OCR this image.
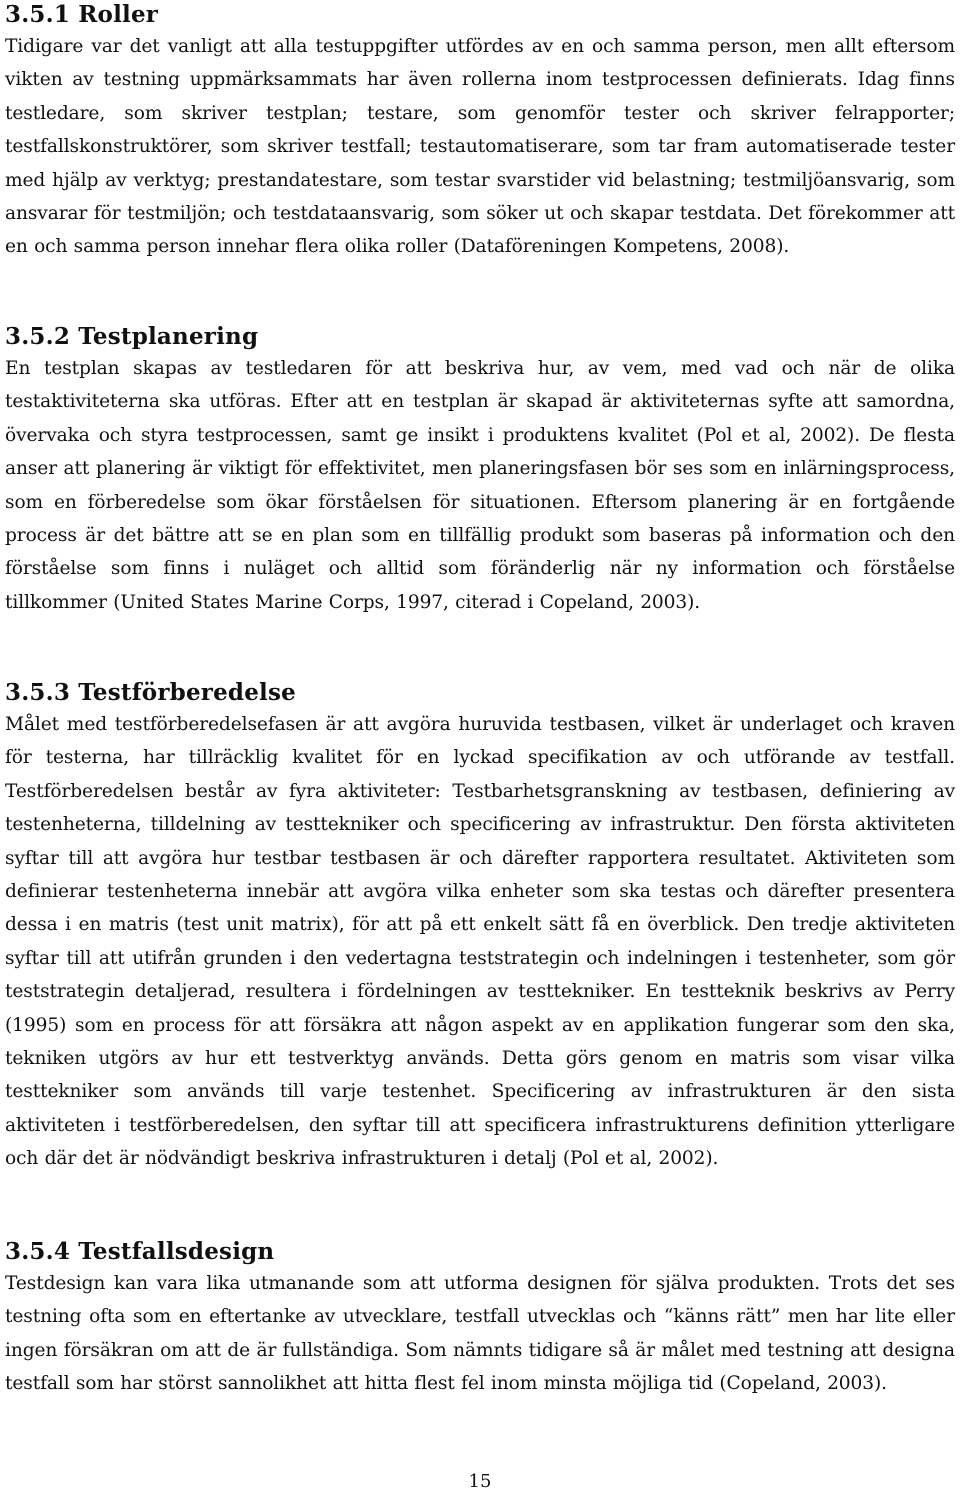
3.5.1 Roller

Tidigare var det vanligt att alla testuppgifter utfördes av en och samma person, men allt eftersom vikten av testning uppmärksammats har även rollerna inom testprocessen definierats. Idag finns testledare, som skriver testplan; testare, som genomför tester och skriver felrapporter; testfallskonstruktörer, som skriver testfall; testautomatiserare, som tar fram automatiserade tester med hjälp av verktyg; prestandatestare, som testar svarstider vid belastning; testmiljöansvarig, som ansvarar för testmiljön; och testdataansvarig, som söker ut och skapar testdata. Det förekommer att en och samma person innehar flera olika roller (Dataföreningen Kompetens, 2008).

3.5.2 Testplanering

En testplan skapas av testledaren för att beskriva hur, av vem, med vad och när de olika testaktiviteterna ska utföras. Efter att en testplan är skapad är aktiviteternas syfte att samordna, övervaka och styra testprocessen, samt ge insikt i produktens kvalitet (Pol et al, 2002). De flesta anser att planering är viktigt för effektivitet, men planeringsfasen bör ses som en inlärningsprocess, som en förberedelse som ökar förståelsen för situationen. Eftersom planering är en fortgående process är det bättre att se en plan som en tillfällig produkt som baseras på information och den förståelse som finns i nuläget och alltid som föränderlig när ny information och förståelse tillkommer (United States Marine Corps, 1997, citerad i Copeland, 2003).

3.5.3 Testförberedelse

Målet med testförberedelsefasen är att avgöra huruvida testbasen, vilket är underlaget och kraven för testerna, har tillräcklig kvalitet för en lyckad specifikation av och utförande av testfall. Testförberedelsen består av fyra aktiviteter: Testbarhetsgranskning av testbasen, definiering av testenheterna, tilldelning av testtekniker och specificering av infrastruktur. Den första aktiviteten syftar till att avgöra hur testbar testbasen är och därefter rapportera resultatet. Aktiviteten som definierar testenheterna innebär att avgöra vilka enheter som ska testas och därefter presentera dessa i en matris (test unit matrix), för att på ett enkelt sätt få en överblick. Den tredje aktiviteten syftar till att utifrån grunden i den vedertagna teststrategin och indelningen i testenheter, som gör teststrategin detaljerad, resultera i fördelningen av testtekniker. En testteknik beskrivs av Perry (1995) som en process för att försäkra att någon aspekt av en applikation fungerar som den ska, tekniken utgörs av hur ett testverktyg används. Detta görs genom en matris som visar vilka testtekniker som används till varje testenhet. Specificering av infrastrukturen är den sista aktiviteten i testförberedelsen, den syftar till att specificera infrastrukturens definition ytterligare och där det är nödvändigt beskriva infrastrukturen i detalj (Pol et al, 2002).

3.5.4 Testfallsdesign

Testdesign kan vara lika utmanande som att utforma designen för själva produkten. Trots det ses testning ofta som en eftertanke av utvecklare, testfall utvecklas och “känns rätt” men har lite eller ingen försäkran om att de är fullständiga. Som nämnts tidigare så är målet med testning att designa testfall som har störst sannolikhet att hitta flest fel inom minsta möjliga tid (Copeland, 2003).

15
